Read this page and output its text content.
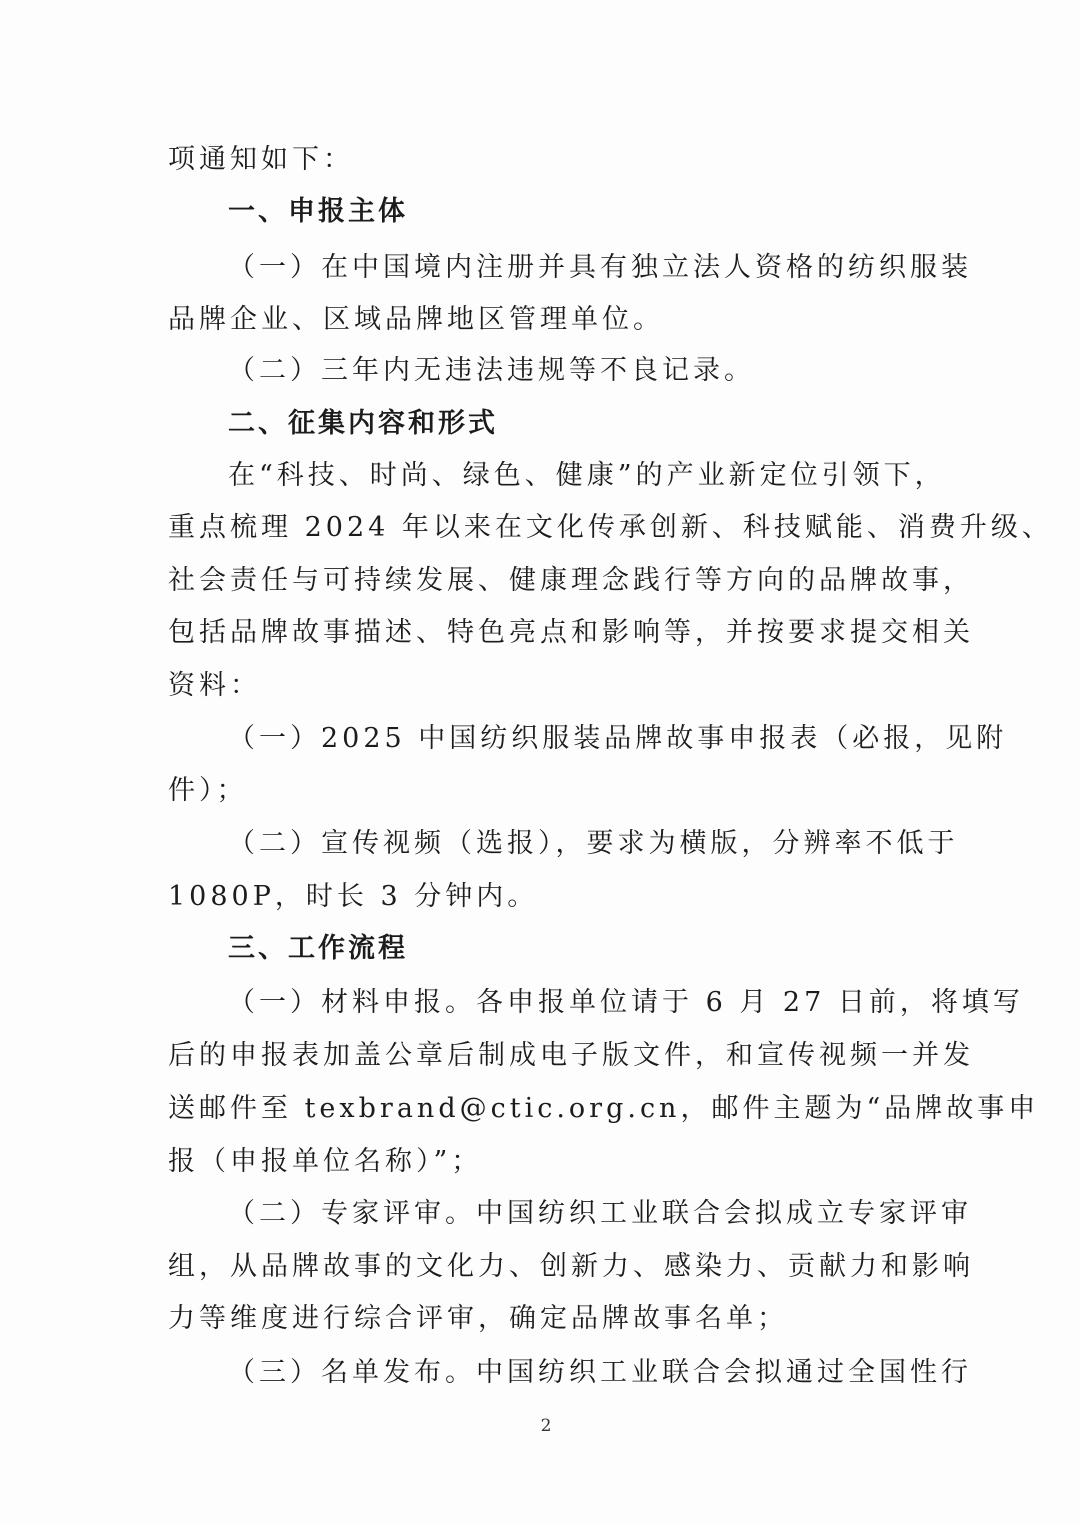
项通知如下：
一、申报主体
（一）在中国境内注册并具有独立法人资格的纺织服装
品牌企业、区域品牌地区管理单位。
（二）三年内无违法违规等不良记录。
二、征集内容和形式
在“科技、时尚、绿色、健康”的产业新定位引领下，
重点梳理 2024 年以来在文化传承创新、科技赋能、消费升级、
社会责任与可持续发展、健康理念践行等方向的品牌故事，
包括品牌故事描述、特色亮点和影响等，并按要求提交相关
资料：
（一）2025 中国纺织服装品牌故事申报表（必报，见附
件）；
（二）宣传视频（选报），要求为横版，分辨率不低于
1080P，时长 3 分钟内。
三、工作流程
（一）材料申报。各申报单位请于 6 月 27 日前，将填写
后的申报表加盖公章后制成电子版文件，和宣传视频一并发
送邮件至 texbrand@ctic.org.cn，邮件主题为“品牌故事申
报（申报单位名称）”；
（二）专家评审。中国纺织工业联合会拟成立专家评审
组，从品牌故事的文化力、创新力、感染力、贡献力和影响
力等维度进行综合评审，确定品牌故事名单；
（三）名单发布。中国纺织工业联合会拟通过全国性行
2
